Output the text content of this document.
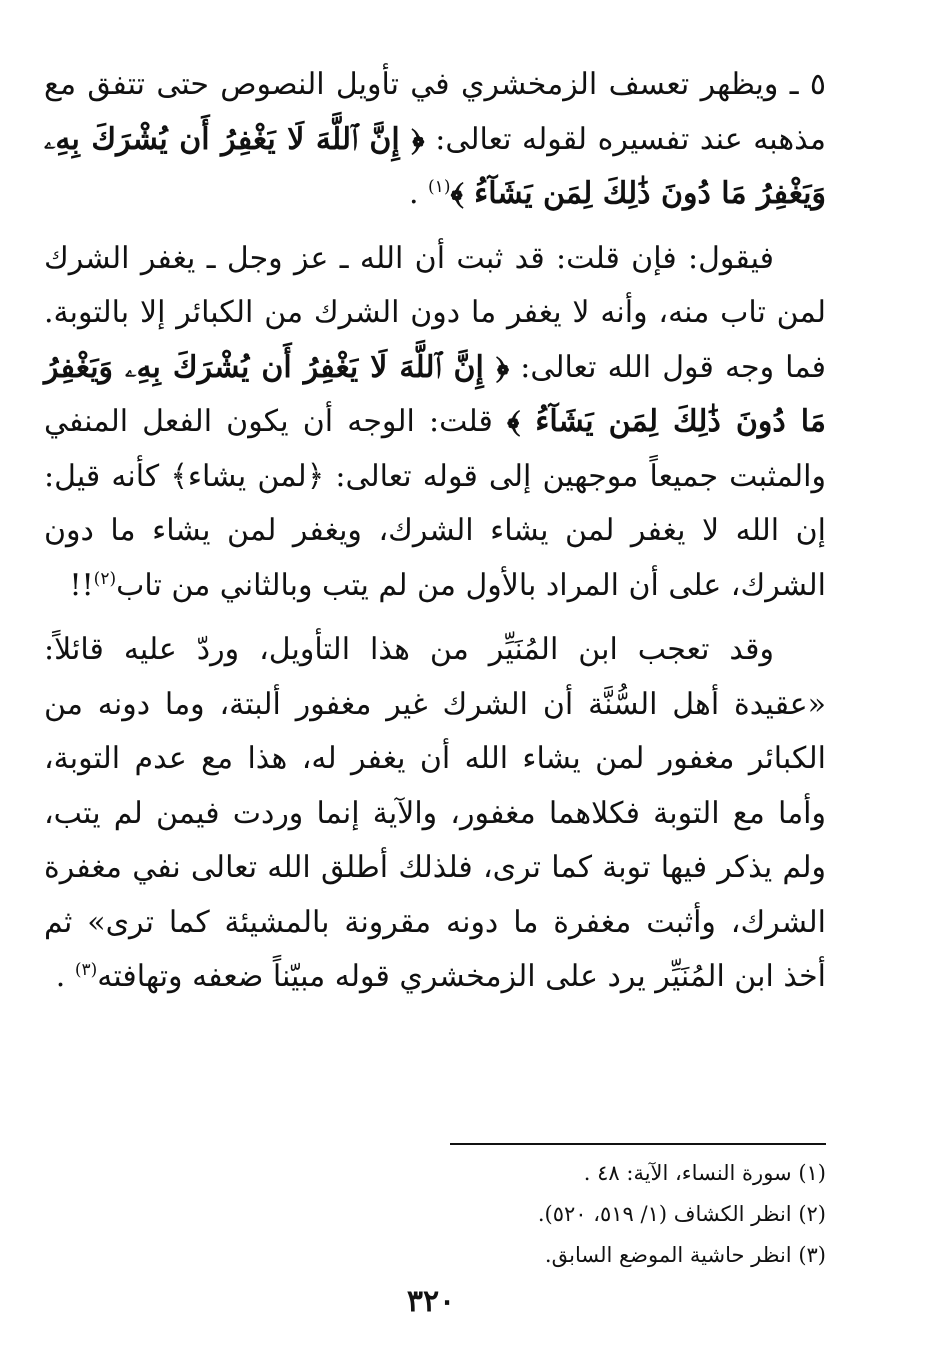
٥ ـ ويظهر تعسف الزمخشري في تأويل النصوص حتى تتفق مع مذهبه عند تفسيره لقوله تعالى: ﴿ إِنَّ ٱللَّهَ لَا يَغْفِرُ أَن يُشْرَكَ بِهِۦ وَيَغْفِرُ مَا دُونَ ذَٰلِكَ لِمَن يَشَآءُ ﴾$^{(١)}$ .

فيقول: فإن قلت: قد ثبت أن الله ـ عز وجل ـ يغفر الشرك لمن تاب منه، وأنه لا يغفر ما دون الشرك من الكبائر إلا بالتوبة. فما وجه قول الله تعالى: ﴿ إِنَّ ٱللَّهَ لَا يَغْفِرُ أَن يُشْرَكَ بِهِۦ وَيَغْفِرُ مَا دُونَ ذَٰلِكَ لِمَن يَشَآءُ ﴾ قلت: الوجه أن يكون الفعل المنفي والمثبت جميعاً موجهين إلى قوله تعالى: ﴿لمن يشاء﴾ كأنه قيل: إن الله لا يغفر لمن يشاء الشرك، ويغفر لمن يشاء ما دون الشرك، على أن المراد بالأول من لم يتب وبالثاني من تاب$^{(٢)}$!!

وقد تعجب ابن المُنَيِّر من هذا التأويل، وردّ عليه قائلاً: «عقيدة أهل السُّنَّة أن الشرك غير مغفور ألبتة، وما دونه من الكبائر مغفور لمن يشاء الله أن يغفر له، هذا مع عدم التوبة، وأما مع التوبة فكلاهما مغفور، والآية إنما وردت فيمن لم يتب، ولم يذكر فيها توبة كما ترى، فلذلك أطلق الله تعالى نفي مغفرة الشرك، وأثبت مغفرة ما دونه مقرونة بالمشيئة كما ترى» ثم أخذ ابن المُنَيِّر يرد على الزمخشري قوله مبيّناً ضعفه وتهافته$^{(٣)}$ .

(١) سورة النساء، الآية: ٤٨ .

(٢) انظر الكشاف (١/ ٥١٩، ٥٢٠).

(٣) انظر حاشية الموضع السابق.

٣٢٠
